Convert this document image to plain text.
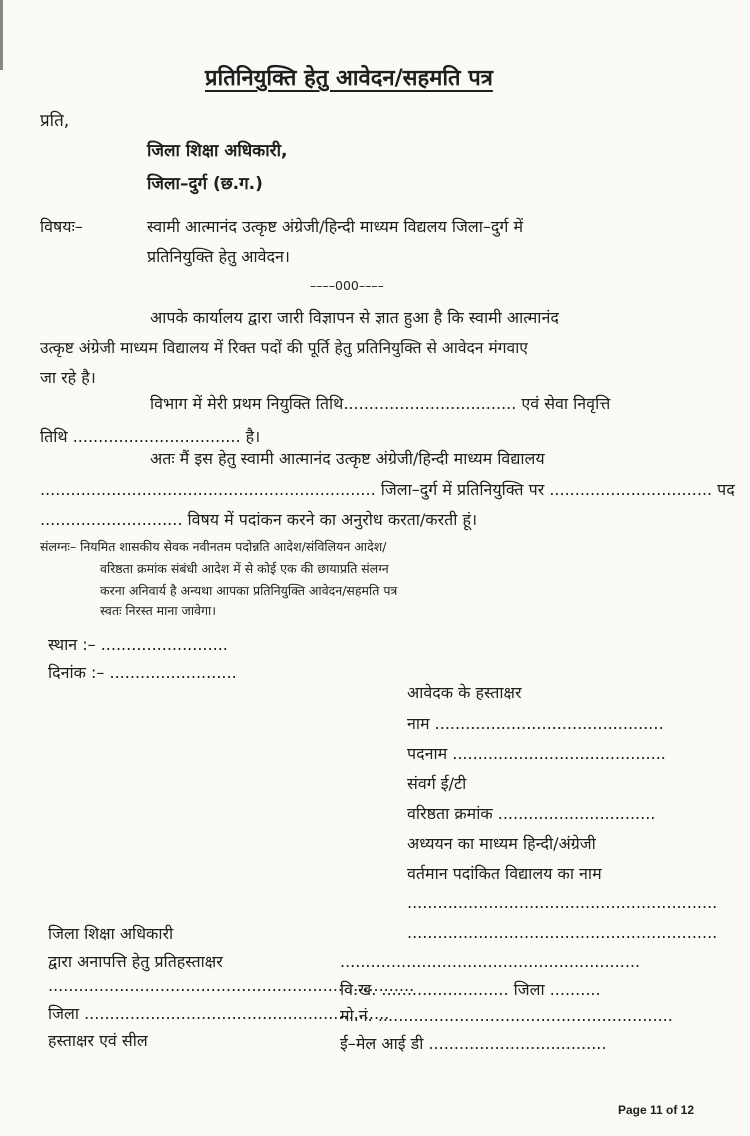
प्रतिनियुक्ति हेतु आवेदन/सहमति पत्र
प्रति,
जिला शिक्षा अधिकारी,
जिला–दुर्ग (छ.ग.)
विषयः–	स्वामी आत्मानंद उत्कृष्ट अंग्रेजी/हिन्दी माध्यम विद्यलय जिला–दुर्ग में
प्रतिनियुक्ति हेतु आवेदन।
––––000––––
आपके कार्यालय द्वारा जारी विज्ञापन से ज्ञात हुआ है कि स्वामी आत्मानंद
उत्कृष्ट अंग्रेजी माध्यम विद्यालय में रिक्त पदों की पूर्ति हेतु प्रतिनियुक्ति से आवेदन मंगवाए
जा रहे है।
विभाग में मेरी प्रथम नियुक्ति तिथि.................................. एवं सेवा निवृत्ति
तिथि ................................. है।
अतः मैं इस हेतु स्वामी आत्मानंद उत्कृष्ट अंग्रेजी/हिन्दी माध्यम विद्यालय
.................................................................. जिला–दुर्ग में प्रतिनियुक्ति पर ................................ पद
............................ विषय में पदांकन करने का अनुरोध करता/करती हूं।
संलग्नः– नियमित शासकीय सेवक नवीनतम पदोन्नति आदेश/संविलियन आदेश/
वरिष्ठता क्रमांक संबंधी आदेश में से कोई एक की छायाप्रति संलग्न
करना अनिवार्य है अन्यथा आपका प्रतिनियुक्ति आवेदन/सहमति पत्र
स्वतः निरस्त माना जावेगा।
स्थान :– .........................
दिनांक :– .........................
आवेदक के हस्ताक्षर
नाम .............................................
पदनाम ..........................................
संवर्ग ई/टी
वरिष्ठता क्रमांक ...............................
अध्ययन का माध्यम हिन्दी/अंग्रेजी
वर्तमान पदांकित विद्यालय का नाम
.............................................................
.............................................................
...........................................................
वि.ख. ......................... जिला ..........
मो.नं. ..........................................................
ई–मेल आई डी ...................................
जिला शिक्षा अधिकारी
द्वारा अनापत्ति हेतु प्रतिहस्ताक्षर
........................................................................
जिला ............................................................
हस्ताक्षर एवं सील
Page 11 of 12
